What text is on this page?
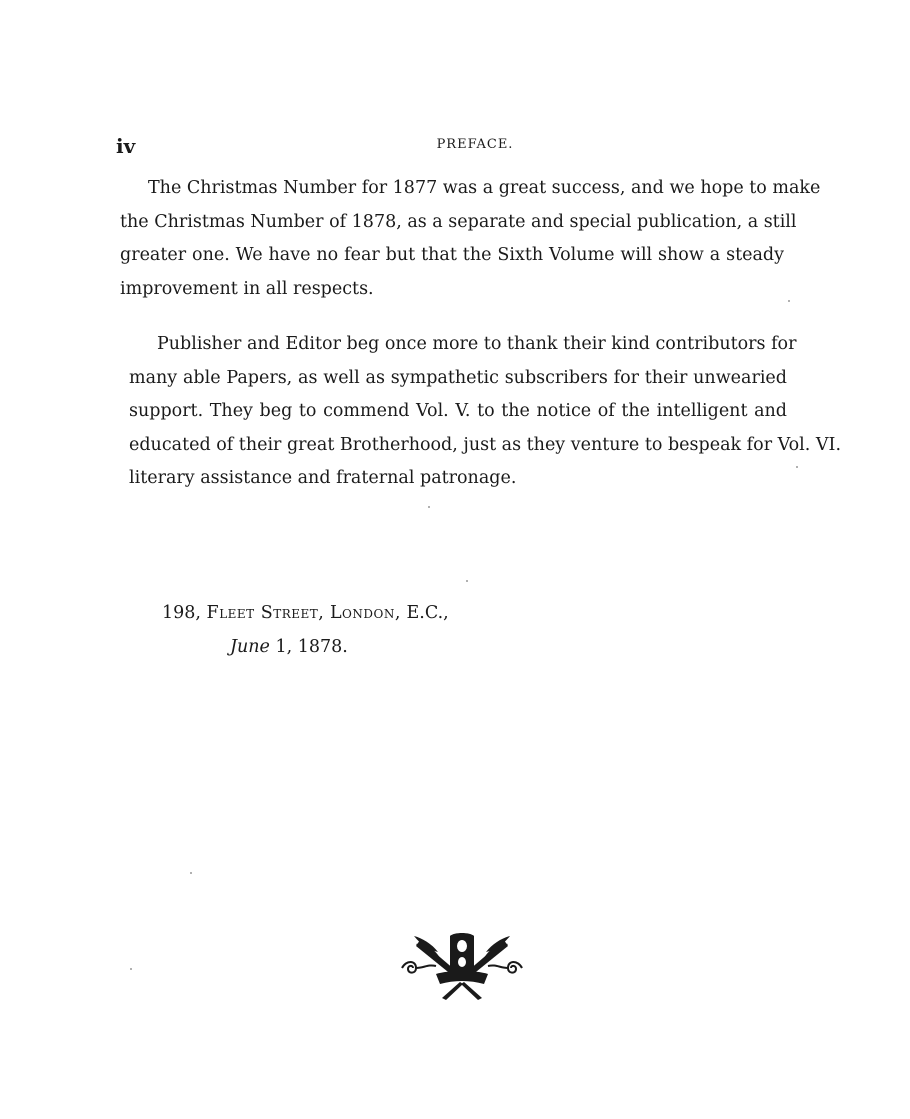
iv	PREFACE.
The Christmas Number for 1877 was a great success, and we hope to make
the Christmas Number of 1878, as a separate and special publication, a still
greater one. We have no fear but that the Sixth Volume will show a steady
improvement in all respects.
Publisher and Editor beg once more to thank their kind contributors for
many able Papers, as well as sympathetic subscribers for their unwearied
support. They beg to commend Vol. V. to the notice of the intelligent and
educated of their great Brotherhood, just as they venture to bespeak for Vol. VI.
literary assistance and fraternal patronage.
198, Fleet Street, London, E.C.,
June 1, 1878.
